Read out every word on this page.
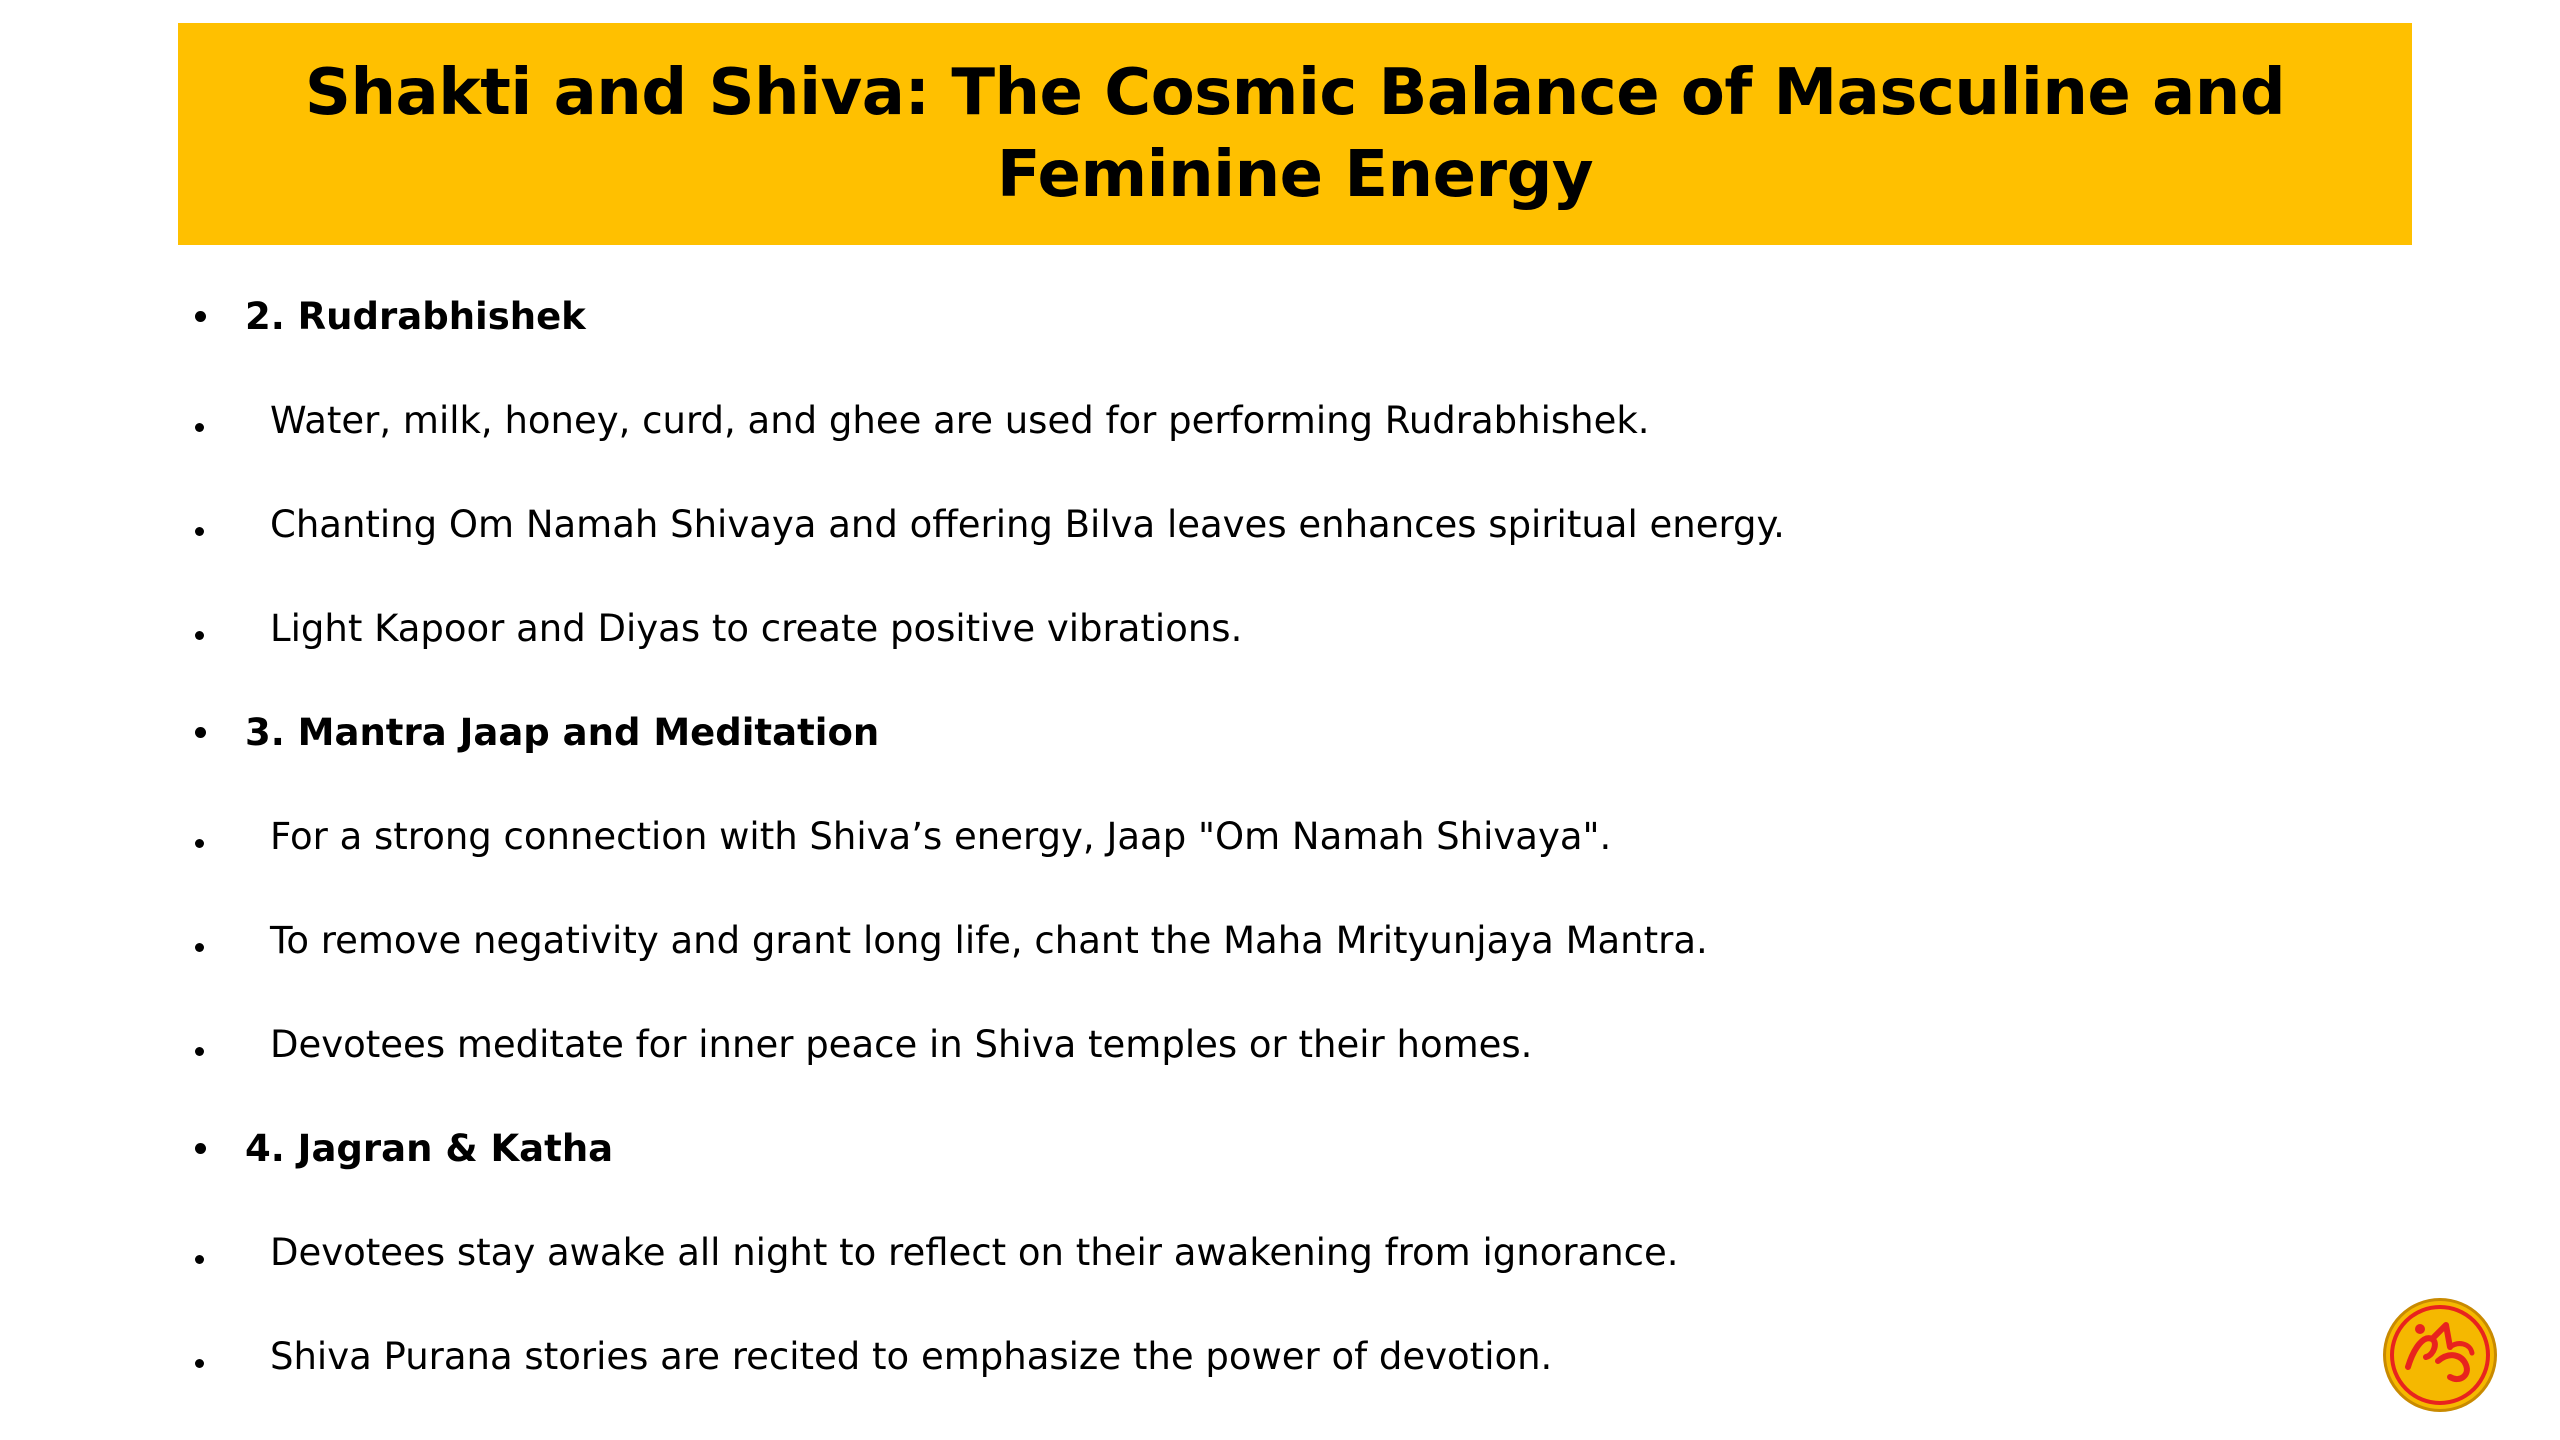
Shakti and Shiva: The Cosmic Balance of Masculine and Feminine Energy
2. Rudrabhishek
Water, milk, honey, curd, and ghee are used for performing Rudrabhishek.
Chanting Om Namah Shivaya and offering Bilva leaves enhances spiritual energy.
Light Kapoor and Diyas to create positive vibrations.
3. Mantra Jaap and Meditation
For a strong connection with Shiva’s energy, Jaap "Om Namah Shivaya".
To remove negativity and grant long life, chant the Maha Mrityunjaya Mantra.
Devotees meditate for inner peace in Shiva temples or their homes.
4. Jagran & Katha
Devotees stay awake all night to reflect on their awakening from ignorance.
Shiva Purana stories are recited to emphasize the power of devotion.
